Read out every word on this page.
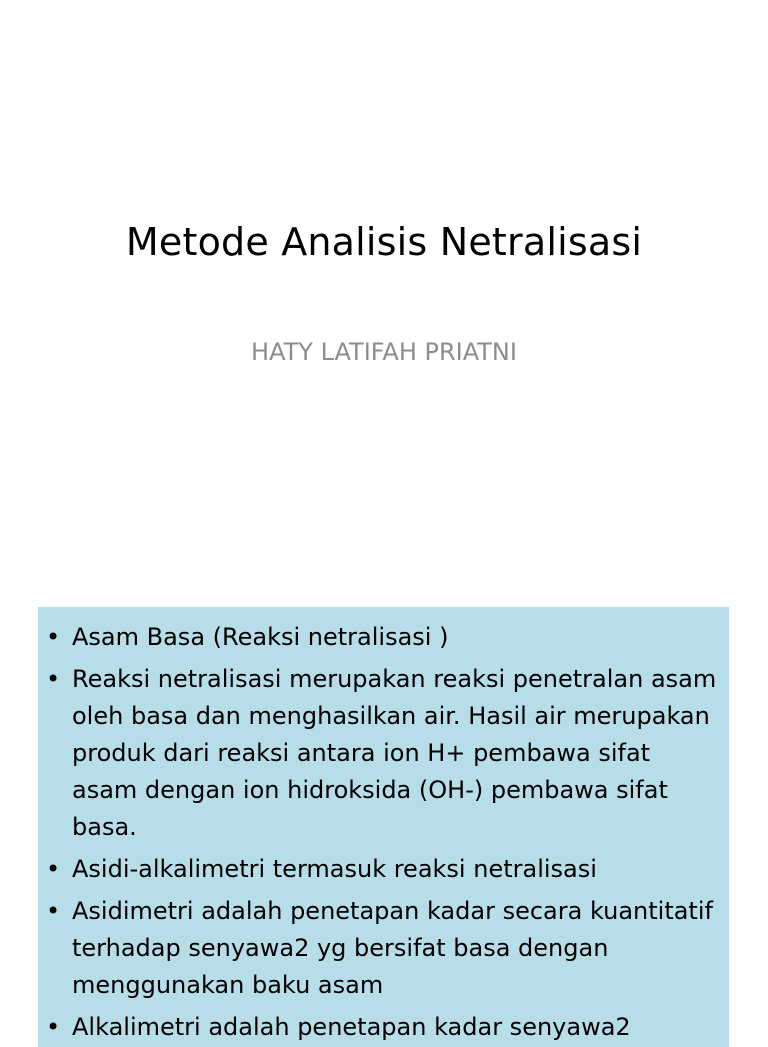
Metode Analisis Netralisasi
HATY LATIFAH PRIATNI
• Asam Basa (Reaksi netralisasi )
• Reaksi netralisasi merupakan reaksi penetralan asam oleh basa dan menghasilkan air. Hasil air merupakan produk dari reaksi antara ion H+ pembawa sifat asam dengan ion hidroksida (OH-) pembawa sifat basa.
• Asidi-alkalimetri termasuk reaksi netralisasi
• Asidimetri adalah penetapan kadar secara kuantitatif terhadap senyawa2 yg bersifat basa dengan menggunakan baku asam
• Alkalimetri adalah penetapan kadar senyawa2
